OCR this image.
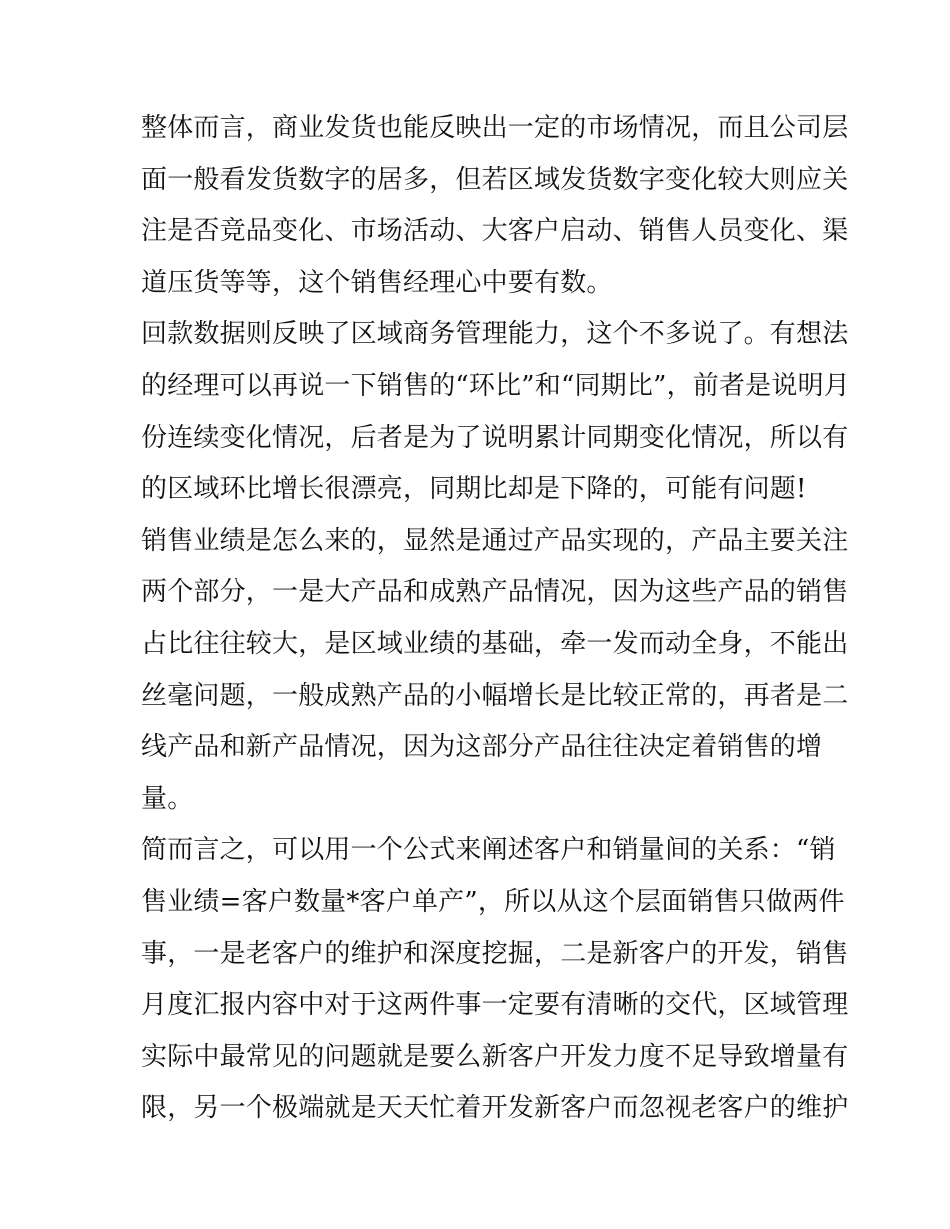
整体而言，商业发货也能反映出一定的市场情况，而且公司层
面一般看发货数字的居多，但若区域发货数字变化较大则应关
注是否竞品变化、市场活动、大客户启动、销售人员变化、渠
道压货等等，这个销售经理心中要有数。
回款数据则反映了区域商务管理能力，这个不多说了。有想法
的经理可以再说一下销售的“环比”和“同期比”，前者是说明月
份连续变化情况，后者是为了说明累计同期变化情况，所以有
的区域环比增长很漂亮，同期比却是下降的，可能有问题!
销售业绩是怎么来的，显然是通过产品实现的，产品主要关注
两个部分，一是大产品和成熟产品情况，因为这些产品的销售
占比往往较大，是区域业绩的基础，牵一发而动全身，不能出
丝毫问题，一般成熟产品的小幅增长是比较正常的，再者是二
线产品和新产品情况，因为这部分产品往往决定着销售的增
量。
简而言之，可以用一个公式来阐述客户和销量间的关系：“销
售业绩=客户数量*客户单产”，所以从这个层面销售只做两件
事，一是老客户的维护和深度挖掘，二是新客户的开发，销售
月度汇报内容中对于这两件事一定要有清晰的交代，区域管理
实际中最常见的问题就是要么新客户开发力度不足导致增量有
限，另一个极端就是天天忙着开发新客户而忽视老客户的维护
